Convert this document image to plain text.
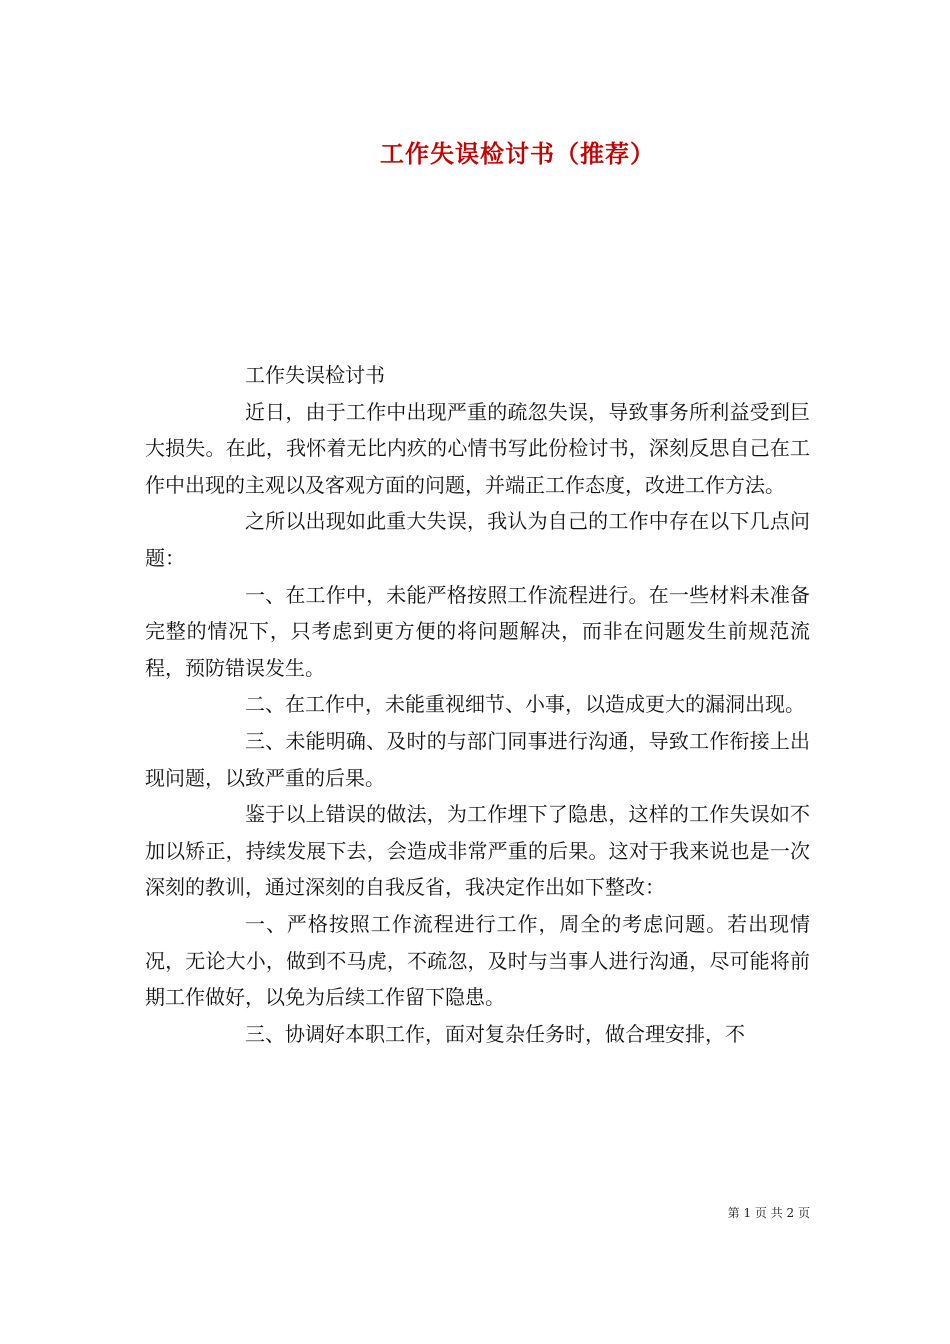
工作失误检讨书（推荐）

工作失误检讨书

近日，由于工作中出现严重的疏忽失误，导致事务所利益受到巨大损失。在此，我怀着无比内疚的心情书写此份检讨书，深刻反思自己在工作中出现的主观以及客观方面的问题，并端正工作态度，改进工作方法。

之所以出现如此重大失误，我认为自己的工作中存在以下几点问题：

一、在工作中，未能严格按照工作流程进行。在一些材料未准备完整的情况下，只考虑到更方便的将问题解决，而非在问题发生前规范流程，预防错误发生。

二、在工作中，未能重视细节、小事，以造成更大的漏洞出现。

三、未能明确、及时的与部门同事进行沟通，导致工作衔接上出现问题，以致严重的后果。

鉴于以上错误的做法，为工作埋下了隐患，这样的工作失误如不加以矫正，持续发展下去，会造成非常严重的后果。这对于我来说也是一次深刻的教训，通过深刻的自我反省，我决定作出如下整改：

一、严格按照工作流程进行工作，周全的考虑问题。若出现情况，无论大小，做到不马虎，不疏忽，及时与当事人进行沟通，尽可能将前期工作做好，以免为后续工作留下隐患。

三、协调好本职工作，面对复杂任务时，做合理安排，不

第 1 页 共 2 页
